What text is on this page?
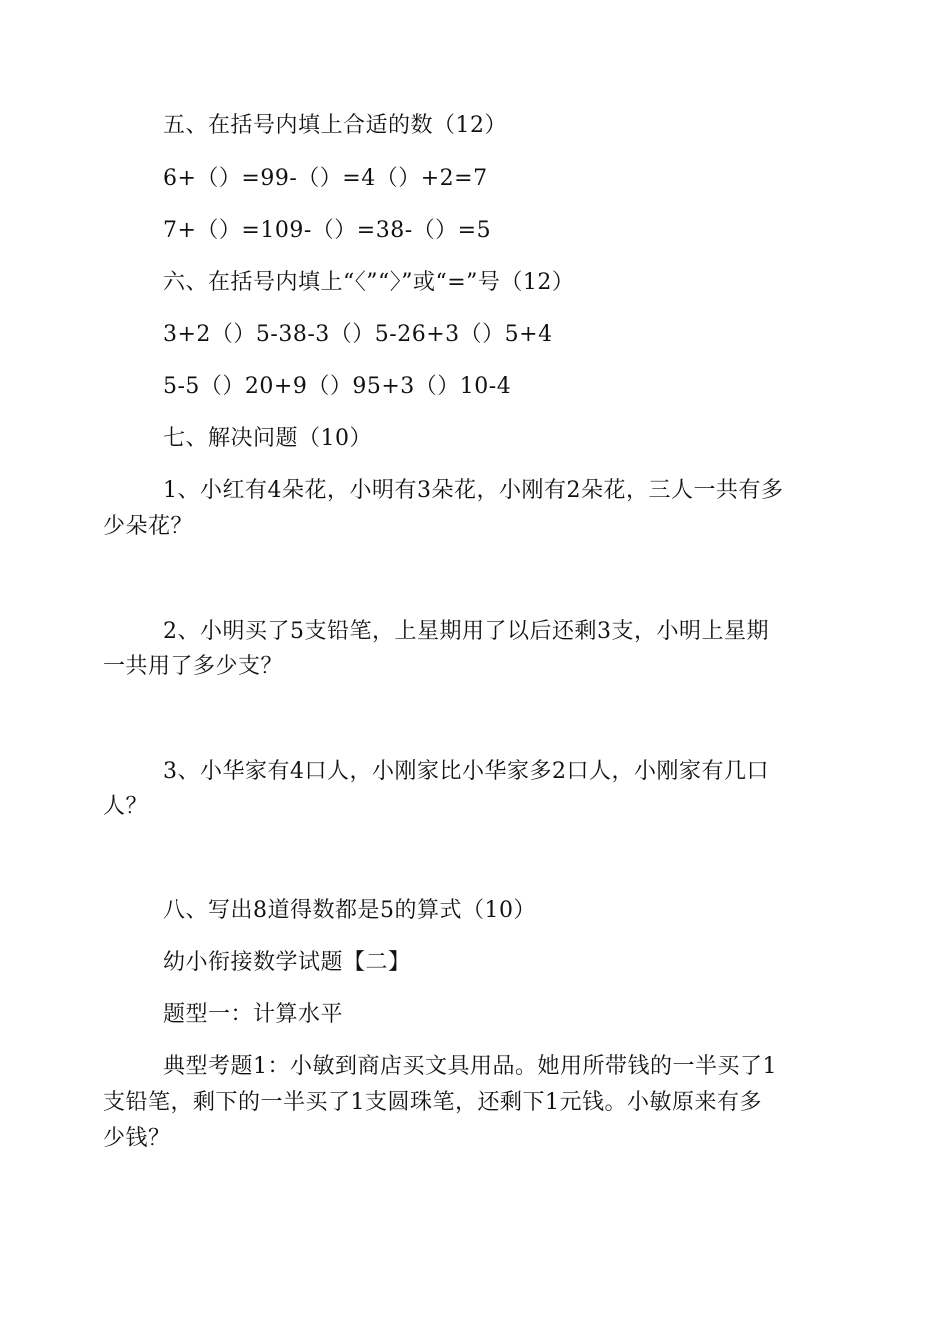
五、在括号内填上合适的数（12）
6+（）=99-（）=4（）+2=7
7+（）=109-（）=38-（）=5
六、在括号内填上“〈”“〉”或“=”号（12）
3+2（）5-38-3（）5-26+3（）5+4
5-5（）20+9（）95+3（）10-4
七、解决问题（10）
1、小红有4朵花，小明有3朵花，小刚有2朵花，三人一共有多
少朵花？
2、小明买了5支铅笔，上星期用了以后还剩3支，小明上星期
一共用了多少支？
3、小华家有4口人，小刚家比小华家多2口人，小刚家有几口
人？
八、写出8道得数都是5的算式（10）
幼小衔接数学试题【二】
题型一：计算水平
典型考题1：小敏到商店买文具用品。她用所带钱的一半买了1
支铅笔，剩下的一半买了1支圆珠笔，还剩下1元钱。小敏原来有多
少钱？
